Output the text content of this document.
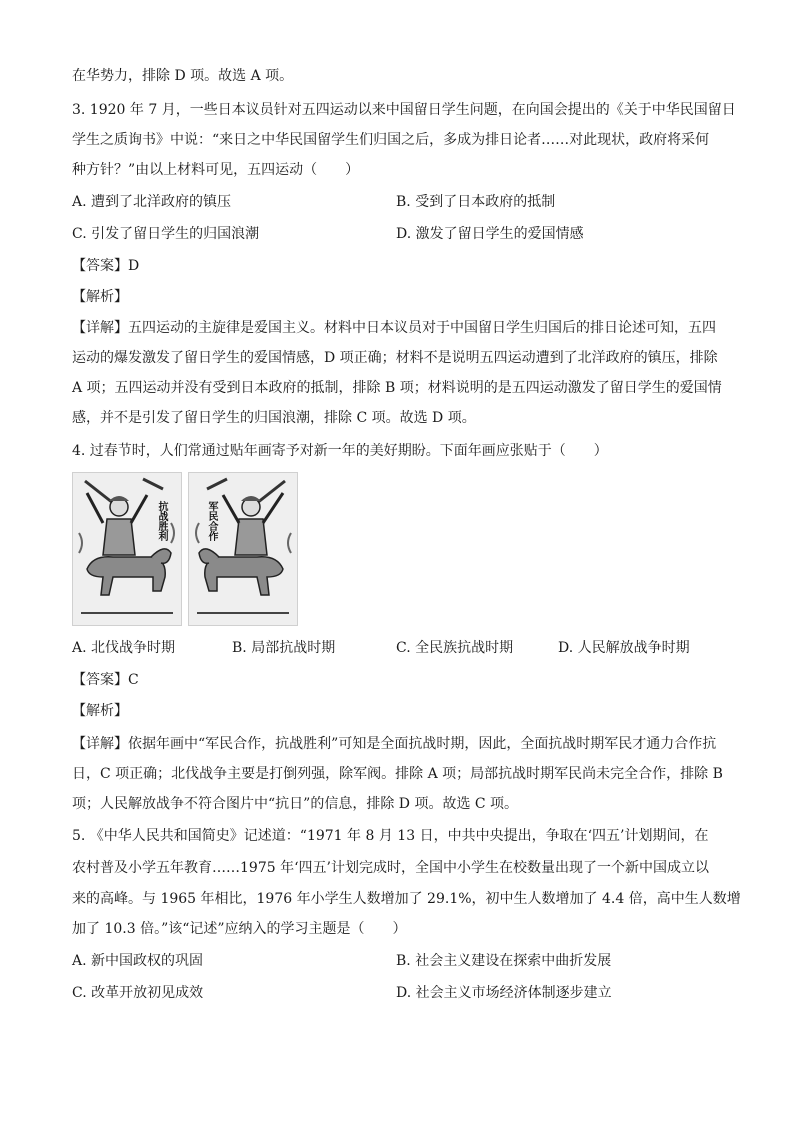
在华势力，排除 D 项。故选 A 项。
3. 1920 年 7 月，一些日本议员针对五四运动以来中国留日学生问题，在向国会提出的《关于中华民国留日
学生之质询书》中说：“来日之中华民国留学生们归国之后，多成为排日论者……对此现状，政府将采何
种方针？”由以上材料可见，五四运动（　　）
A. 遭到了北洋政府的镇压	B. 受到了日本政府的抵制
C. 引发了留日学生的归国浪潮	D. 激发了留日学生的爱国情感
【答案】D
【解析】
【详解】五四运动的主旋律是爱国主义。材料中日本议员对于中国留日学生归国后的排日论述可知，五四
运动的爆发激发了留日学生的爱国情感，D 项正确；材料不是说明五四运动遭到了北洋政府的镇压，排除
A 项；五四运动并没有受到日本政府的抵制，排除 B 项；材料说明的是五四运动激发了留日学生的爱国情
感，并不是引发了留日学生的归国浪潮，排除 C 项。故选 D 项。
4. 过春节时，人们常通过贴年画寄予对新一年的美好期盼。下面年画应张贴于（　　）
抗战胜利	军民合作
A. 北伐战争时期	B. 局部抗战时期	C. 全民族抗战时期	D. 人民解放战争时期
【答案】C
【解析】
【详解】依据年画中“军民合作，抗战胜利”可知是全面抗战时期，因此，全面抗战时期军民才通力合作抗
日，C 项正确；北伐战争主要是打倒列强，除军阀。排除 A 项；局部抗战时期军民尚未完全合作，排除 B
项；人民解放战争不符合图片中“抗日”的信息，排除 D 项。故选 C 项。
5. 《中华人民共和国简史》记述道：“1971 年 8 月 13 日，中共中央提出，争取在‘四五’计划期间，在
农村普及小学五年教育……1975 年‘四五’计划完成时，全国中小学生在校数量出现了一个新中国成立以
来的高峰。与 1965 年相比，1976 年小学生人数增加了 29.1%，初中生人数增加了 4.4 倍，高中生人数增
加了 10.3 倍。”该“记述”应纳入的学习主题是（　　）
A. 新中国政权的巩固	B. 社会主义建设在探索中曲折发展
C. 改革开放初见成效	D. 社会主义市场经济体制逐步建立
